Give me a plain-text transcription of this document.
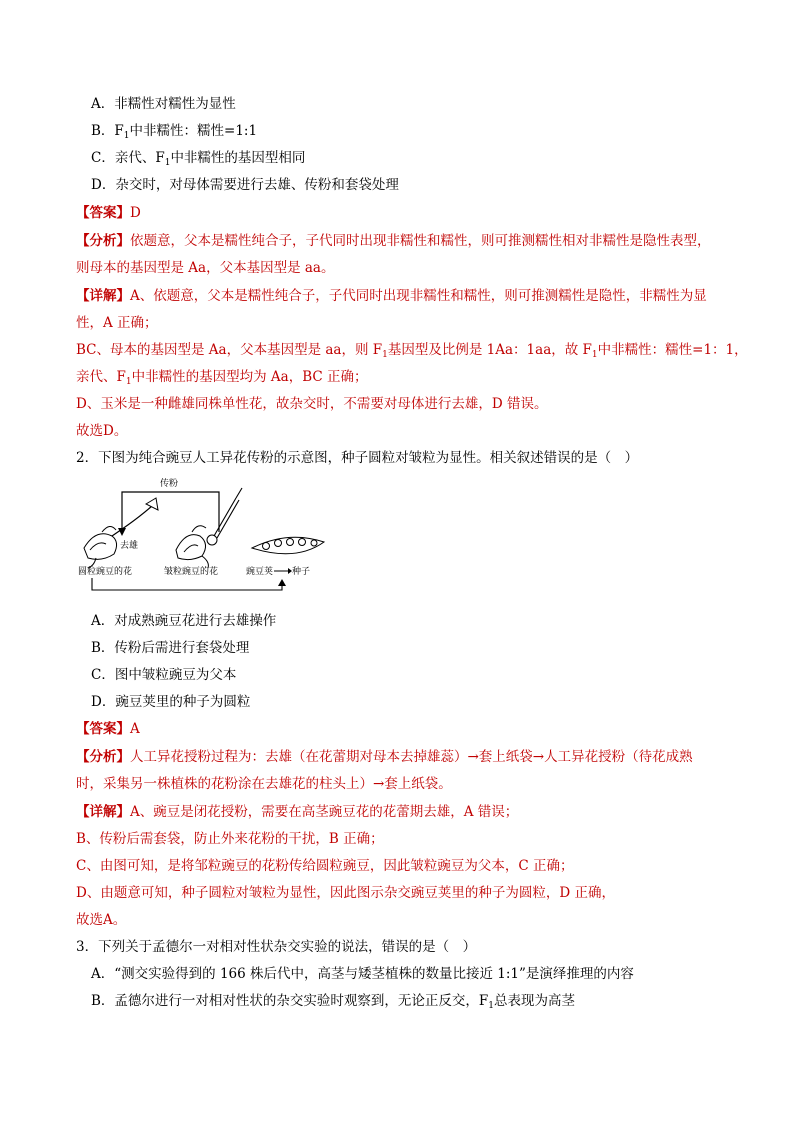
A．非糯性对糯性为显性
B．$F_1$中非糯性：糯性=1:1
C．亲代、$F_1$中非糯性的基因型相同
D．杂交时，对母体需要进行去雄、传粉和套袋处理
【答案】D
【分析】依题意，父本是糯性纯合子，子代同时出现非糯性和糯性，则可推测糯性相对非糯性是隐性表型，
则母本的基因型是 Aa，父本基因型是 aa。
【详解】A、依题意，父本是糯性纯合子，子代同时出现非糯性和糯性，则可推测糯性是隐性，非糯性为显
性，A 正确；
BC、母本的基因型是 Aa，父本基因型是 aa，则 $F_1$基因型及比例是 1Aa：1aa，故 $F_1$中非糯性：糯性=1：1，
亲代、$F_1$中非糯性的基因型均为 Aa，BC 正确；
D、玉米是一种雌雄同株单性花，故杂交时，不需要对母体进行去雄，D 错误。
故选D。
2．下图为纯合豌豆人工异花传粉的示意图，种子圆粒对皱粒为显性。相关叙述错误的是（　）
传粉
去雄
圆粒豌豆的花	皱粒豌豆的花	豌豆荚 种子
A．对成熟豌豆花进行去雄操作
B．传粉后需进行套袋处理
C．图中皱粒豌豆为父本
D．豌豆荚里的种子为圆粒
【答案】A
【分析】人工异花授粉过程为：去雄（在花蕾期对母本去掉雄蕊）→套上纸袋→人工异花授粉（待花成熟
时，采集另一株植株的花粉涂在去雄花的柱头上）→套上纸袋。
【详解】A、豌豆是闭花授粉，需要在高茎豌豆花的花蕾期去雄，A 错误；
B、传粉后需套袋，防止外来花粉的干扰，B 正确；
C、由图可知，是将邹粒豌豆的花粉传给圆粒豌豆，因此皱粒豌豆为父本，C 正确；
D、由题意可知，种子圆粒对皱粒为显性，因此图示杂交豌豆荚里的种子为圆粒，D 正确，
故选A。
3．下列关于孟德尔一对相对性状杂交实验的说法，错误的是（　）
A．“测交实验得到的 166 株后代中，高茎与矮茎植株的数量比接近 1:1”是演绎推理的内容
B．孟德尔进行一对相对性状的杂交实验时观察到，无论正反交，$F_1$总表现为高茎
